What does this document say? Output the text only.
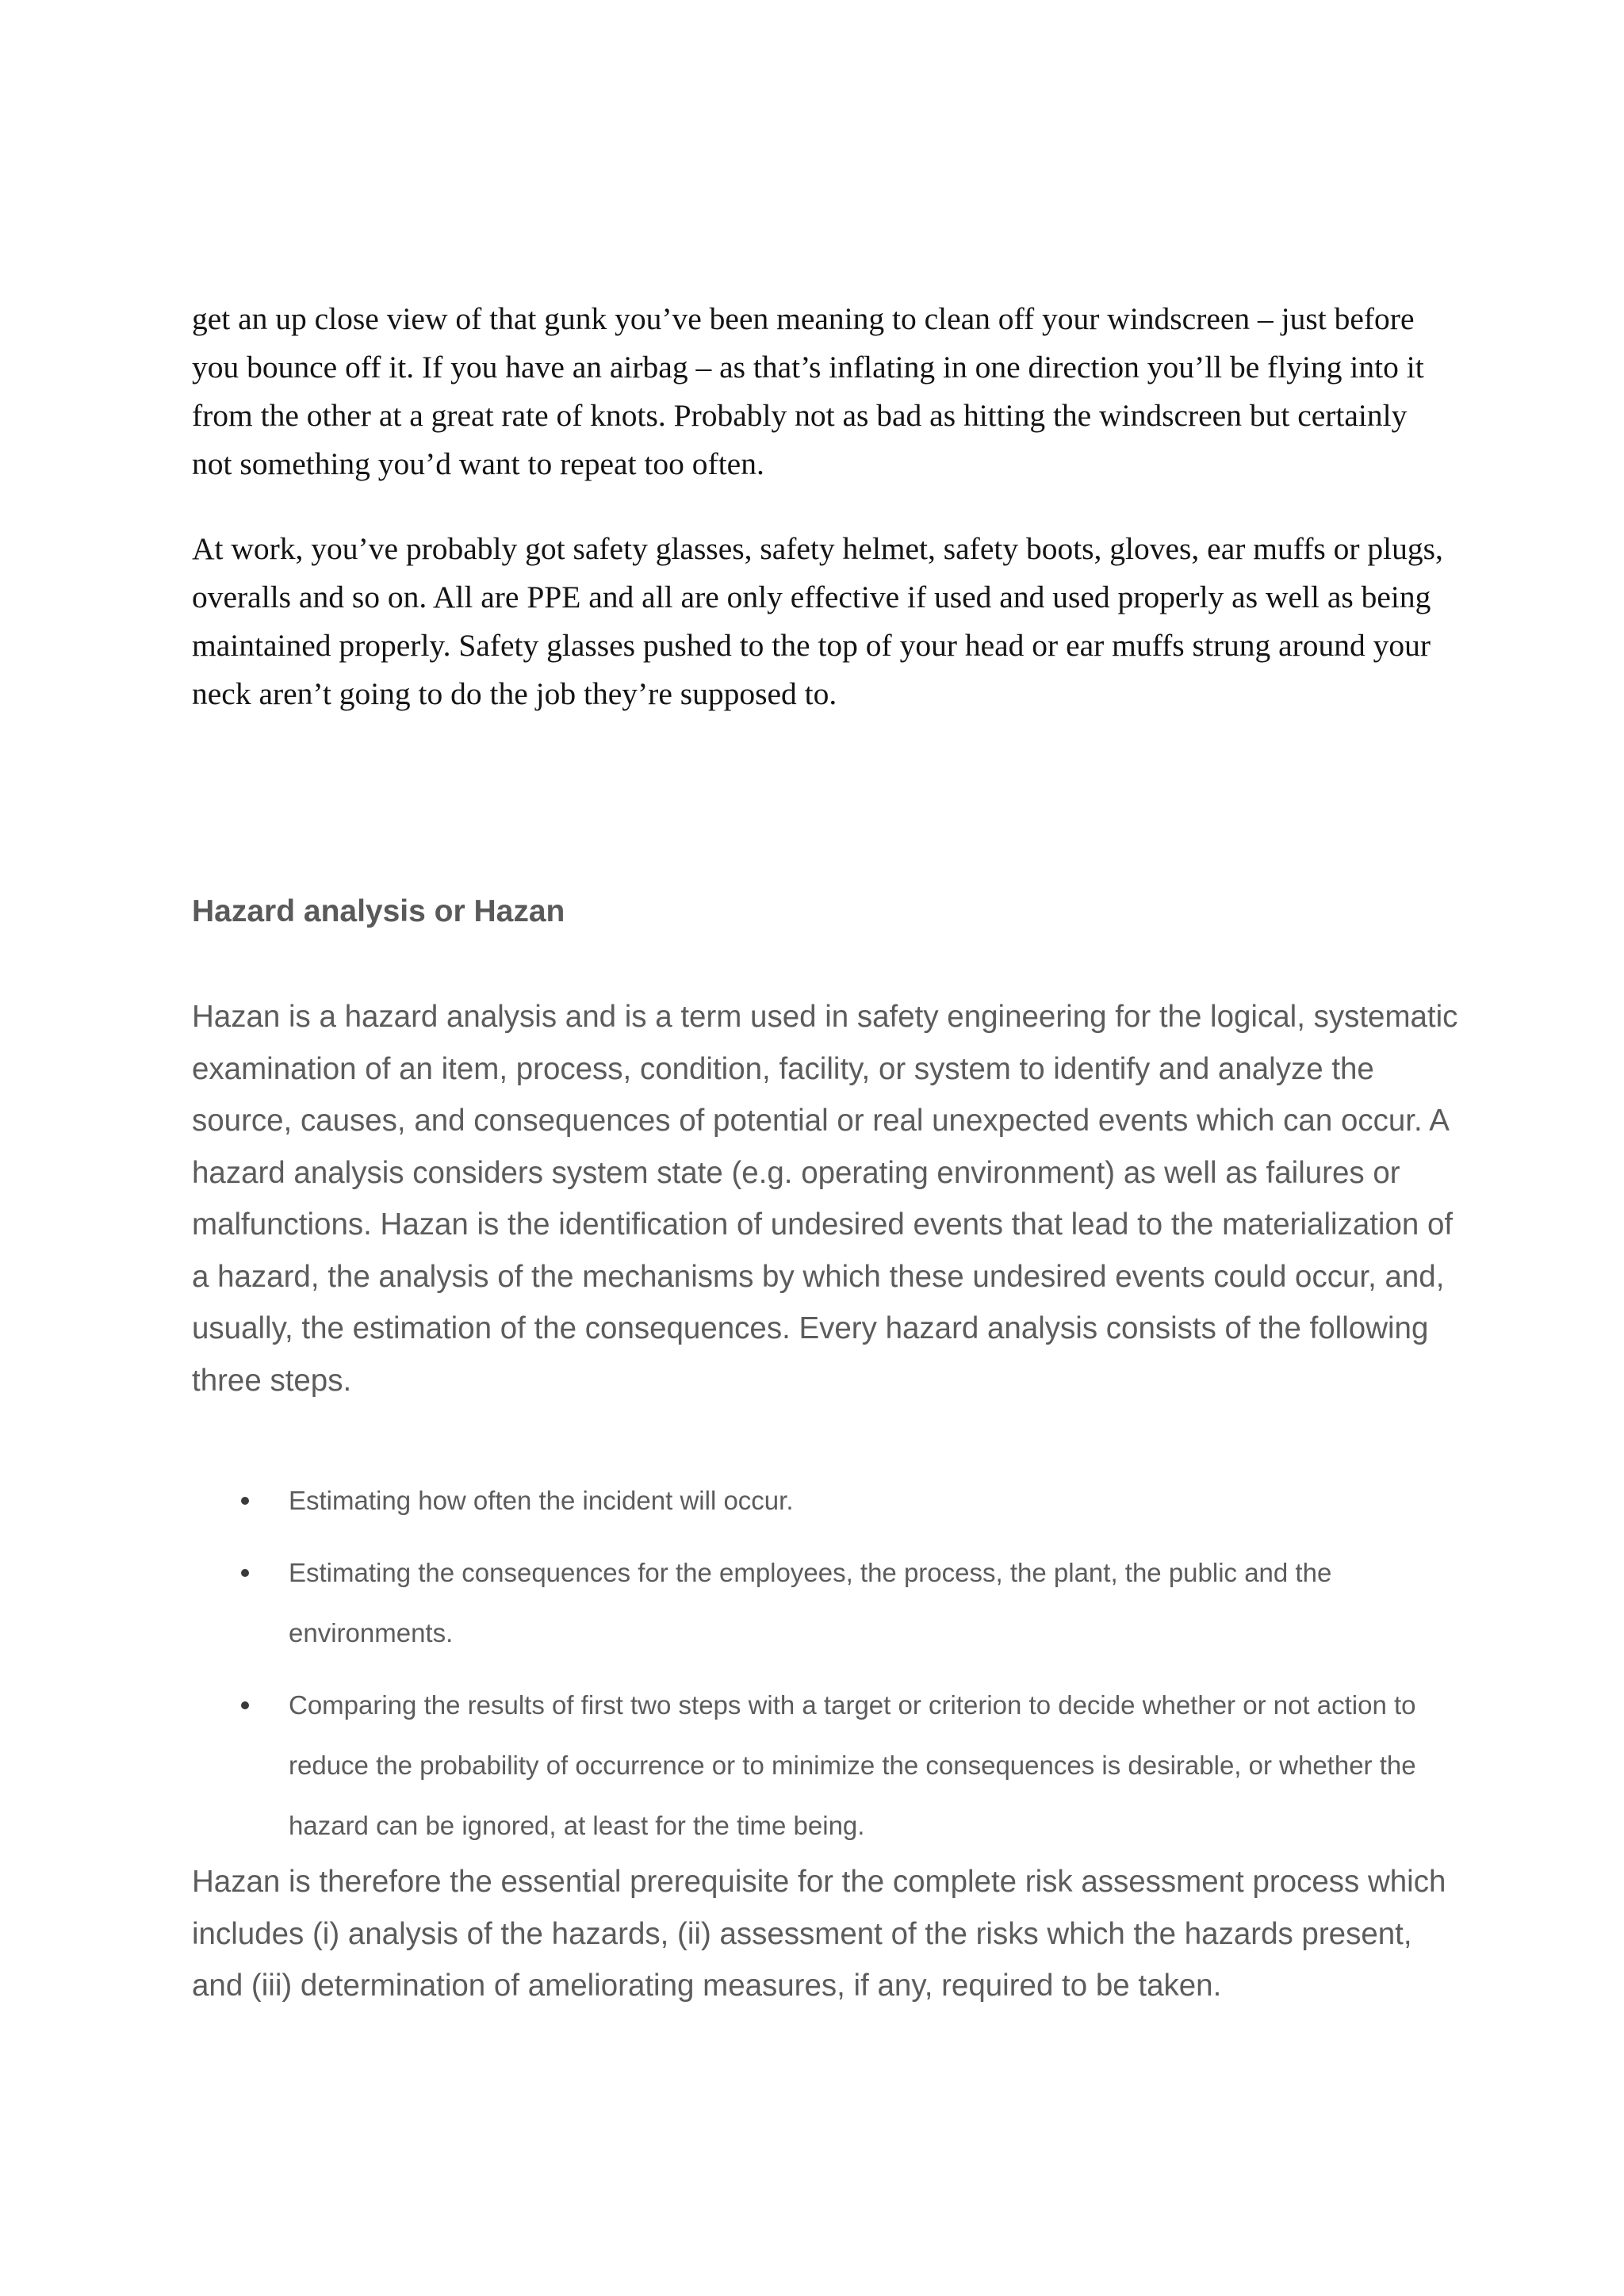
get an up close view of that gunk you’ve been meaning to clean off your windscreen – just before you bounce off it. If you have an airbag – as that’s inflating in one direction you’ll be flying into it from the other at a great rate of knots. Probably not as bad as hitting the windscreen but certainly not something you’d want to repeat too often.

At work, you’ve probably got safety glasses, safety helmet, safety boots, gloves, ear muffs or plugs, overalls and so on. All are PPE and all are only effective if used and used properly as well as being maintained properly. Safety glasses pushed to the top of your head or ear muffs strung around your neck aren’t going to do the job they’re supposed to.

Hazard analysis or Hazan

Hazan is a hazard analysis and is a term used in safety engineering for the logical, systematic examination of an item, process, condition, facility, or system to identify and analyze the source, causes, and consequences of potential or real unexpected events which can occur. A hazard analysis considers system state (e.g. operating environment) as well as failures or malfunctions. Hazan is the identification of undesired events that lead to the materialization of a hazard, the analysis of the mechanisms by which these undesired events could occur, and, usually, the estimation of the consequences. Every hazard analysis consists of the following three steps.

Estimating how often the incident will occur.
Estimating the consequences for the employees, the process, the plant, the public and the environments.
Comparing the results of first two steps with a target or criterion to decide whether or not action to reduce the probability of occurrence or to minimize the consequences is desirable, or whether the hazard can be ignored, at least for the time being.

Hazan is therefore the essential prerequisite for the complete risk assessment process which includes (i) analysis of the hazards, (ii) assessment of the risks which the hazards present, and (iii) determination of ameliorating measures, if any, required to be taken.
